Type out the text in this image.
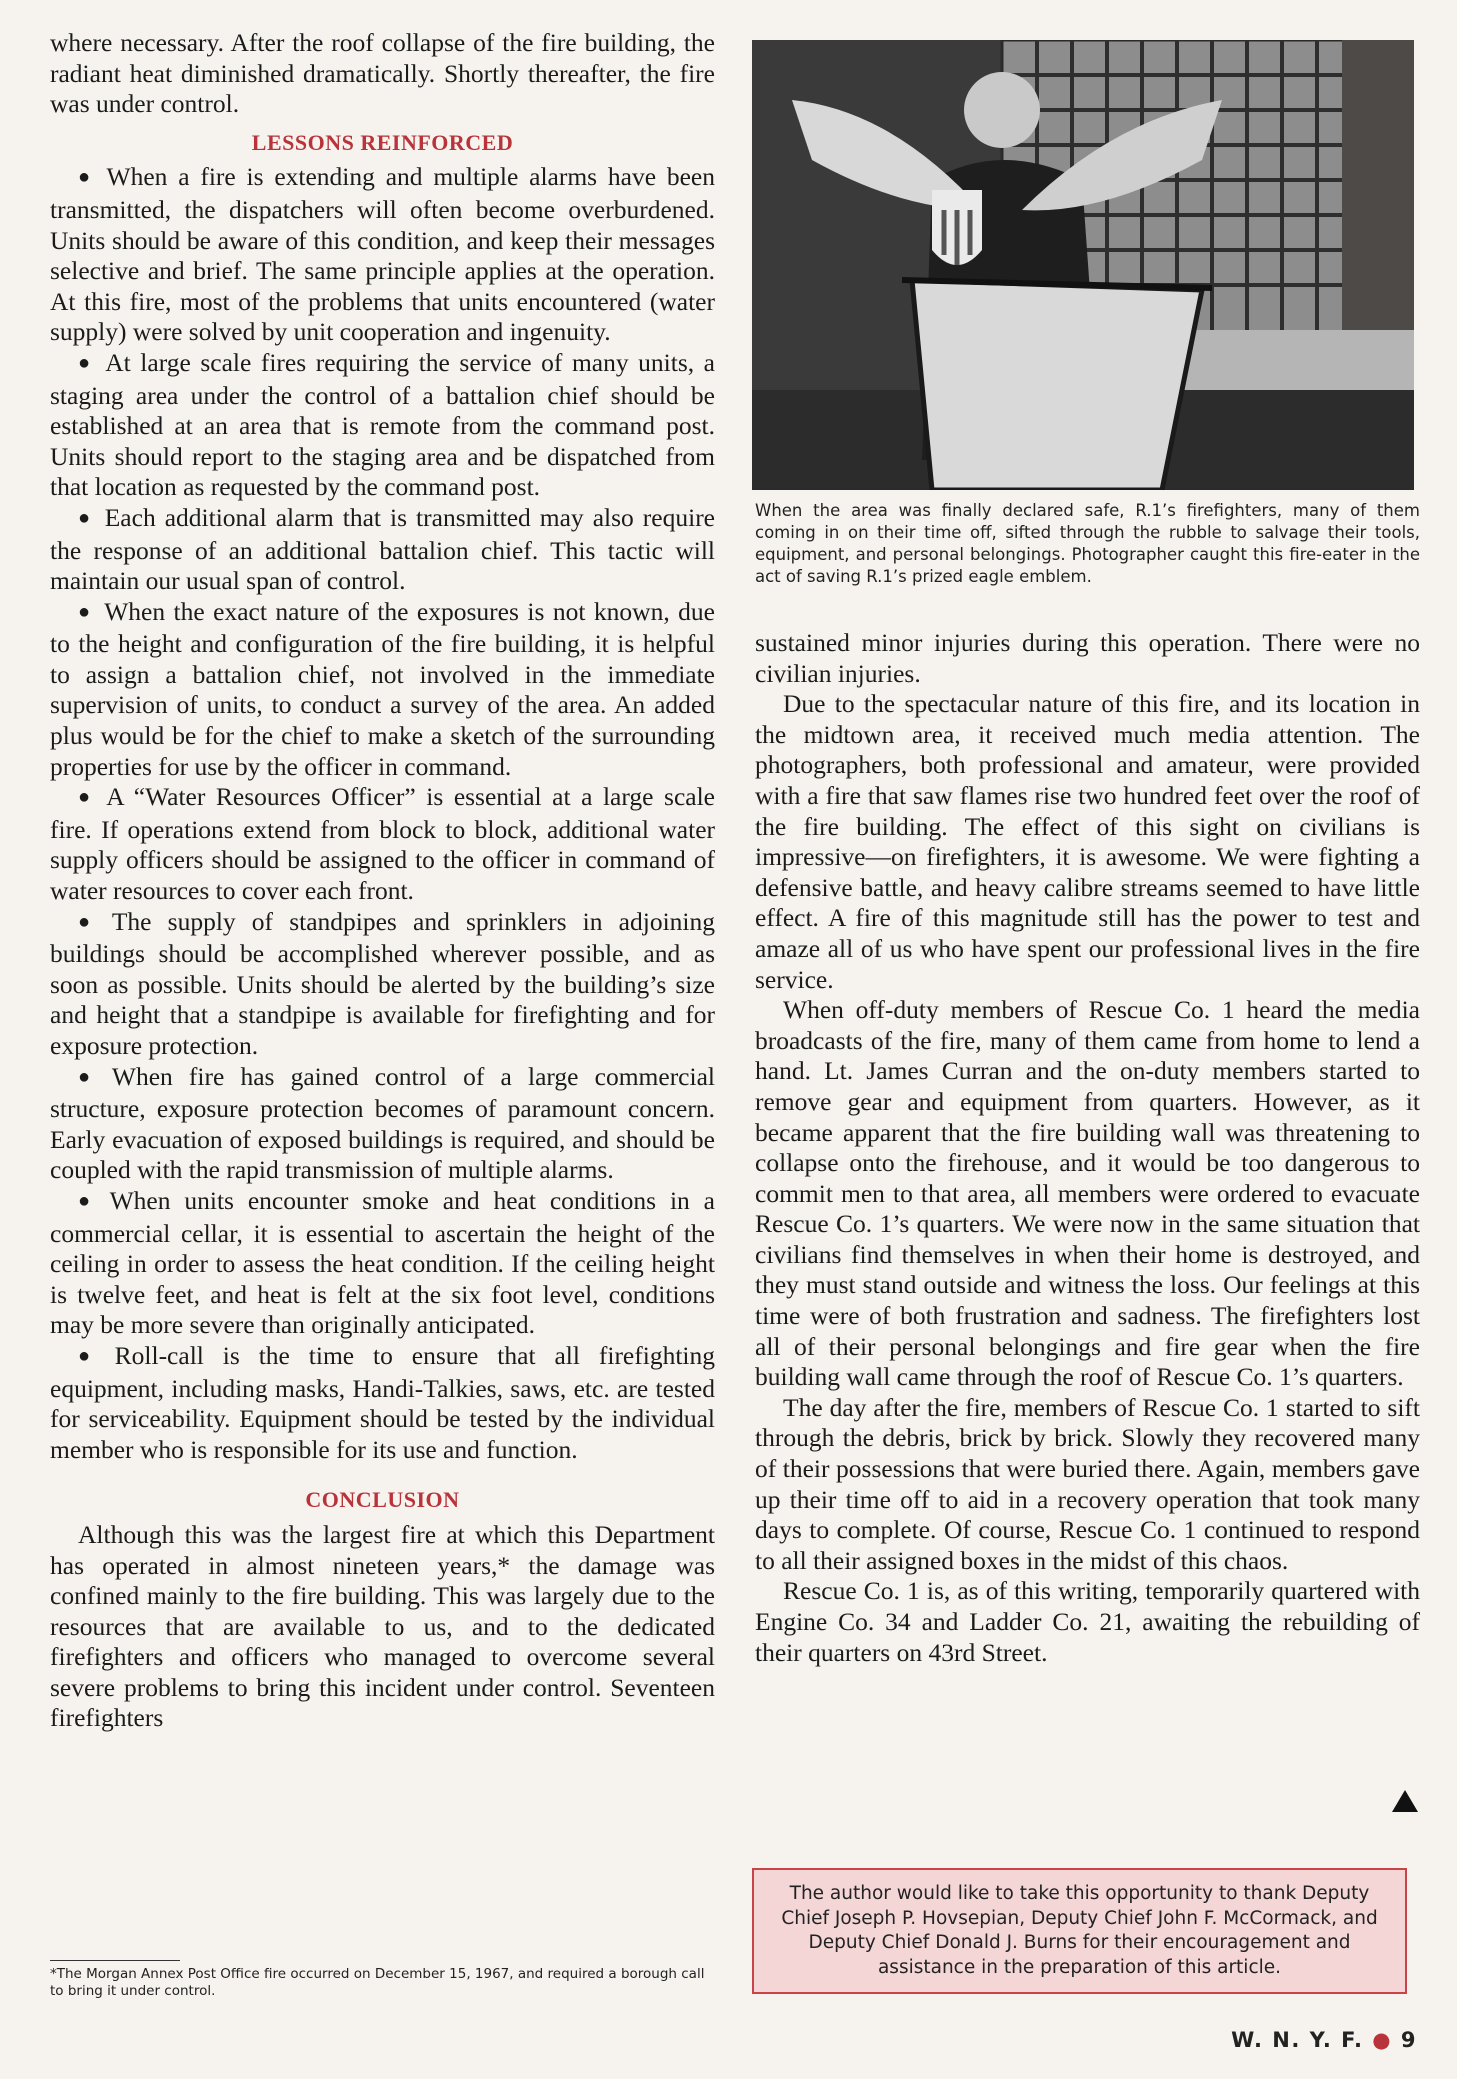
where necessary. After the roof collapse of the fire building, the radiant heat diminished dramatically. Shortly thereafter, the fire was under control.

LESSONS REINFORCED

● When a fire is extending and multiple alarms have been transmitted, the dispatchers will often become overburdened. Units should be aware of this condition, and keep their messages selective and brief. The same principle applies at the operation. At this fire, most of the problems that units encountered (water supply) were solved by unit cooperation and ingenuity.

● At large scale fires requiring the service of many units, a staging area under the control of a battalion chief should be established at an area that is remote from the command post. Units should report to the staging area and be dispatched from that location as requested by the command post.

● Each additional alarm that is transmitted may also require the response of an additional battalion chief. This tactic will maintain our usual span of control.

● When the exact nature of the exposures is not known, due to the height and configuration of the fire building, it is helpful to assign a battalion chief, not involved in the immediate supervision of units, to conduct a survey of the area. An added plus would be for the chief to make a sketch of the surrounding properties for use by the officer in command.

● A “Water Resources Officer” is essential at a large scale fire. If operations extend from block to block, additional water supply officers should be assigned to the officer in command of water resources to cover each front.

● The supply of standpipes and sprinklers in adjoining buildings should be accomplished wherever possible, and as soon as possible. Units should be alerted by the building’s size and height that a standpipe is available for firefighting and for exposure protection.

● When fire has gained control of a large commercial structure, exposure protection becomes of paramount concern. Early evacuation of exposed buildings is required, and should be coupled with the rapid transmission of multiple alarms.

● When units encounter smoke and heat conditions in a commercial cellar, it is essential to ascertain the height of the ceiling in order to assess the heat condition. If the ceiling height is twelve feet, and heat is felt at the six foot level, conditions may be more severe than originally anticipated.

● Roll-call is the time to ensure that all firefighting equipment, including masks, Handi-Talkies, saws, etc. are tested for serviceability. Equipment should be tested by the individual member who is responsible for its use and function.

CONCLUSION

Although this was the largest fire at which this Department has operated in almost nineteen years,* the damage was confined mainly to the fire building. This was largely due to the resources that are available to us, and to the dedicated firefighters and officers who managed to overcome several severe problems to bring this incident under control. Seventeen firefighters

When the area was finally declared safe, R.1’s firefighters, many of them coming in on their time off, sifted through the rubble to salvage their tools, equipment, and personal belongings. Photographer caught this fire-eater in the act of saving R.1’s prized eagle emblem.

sustained minor injuries during this operation. There were no civilian injuries.

Due to the spectacular nature of this fire, and its location in the midtown area, it received much media attention. The photographers, both professional and amateur, were provided with a fire that saw flames rise two hundred feet over the roof of the fire building. The effect of this sight on civilians is impressive—on firefighters, it is awesome. We were fighting a defensive battle, and heavy calibre streams seemed to have little effect. A fire of this magnitude still has the power to test and amaze all of us who have spent our professional lives in the fire service.

When off-duty members of Rescue Co. 1 heard the media broadcasts of the fire, many of them came from home to lend a hand. Lt. James Curran and the on-duty members started to remove gear and equipment from quarters. However, as it became apparent that the fire building wall was threatening to collapse onto the firehouse, and it would be too dangerous to commit men to that area, all members were ordered to evacuate Rescue Co. 1’s quarters. We were now in the same situation that civilians find themselves in when their home is destroyed, and they must stand outside and witness the loss. Our feelings at this time were of both frustration and sadness. The firefighters lost all of their personal belongings and fire gear when the fire building wall came through the roof of Rescue Co. 1’s quarters.

The day after the fire, members of Rescue Co. 1 started to sift through the debris, brick by brick. Slowly they recovered many of their possessions that were buried there. Again, members gave up their time off to aid in a recovery operation that took many days to complete. Of course, Rescue Co. 1 continued to respond to all their assigned boxes in the midst of this chaos.

Rescue Co. 1 is, as of this writing, temporarily quartered with Engine Co. 34 and Ladder Co. 21, awaiting the rebuilding of their quarters on 43rd Street.

The author would like to take this opportunity to thank Deputy Chief Joseph P. Hovsepian, Deputy Chief John F. McCormack, and Deputy Chief Donald J. Burns for their encouragement and assistance in the preparation of this article.
*The Morgan Annex Post Office fire occurred on December 15, 1967, and required a borough call to bring it under control.
W. N. Y. F. ● 9
